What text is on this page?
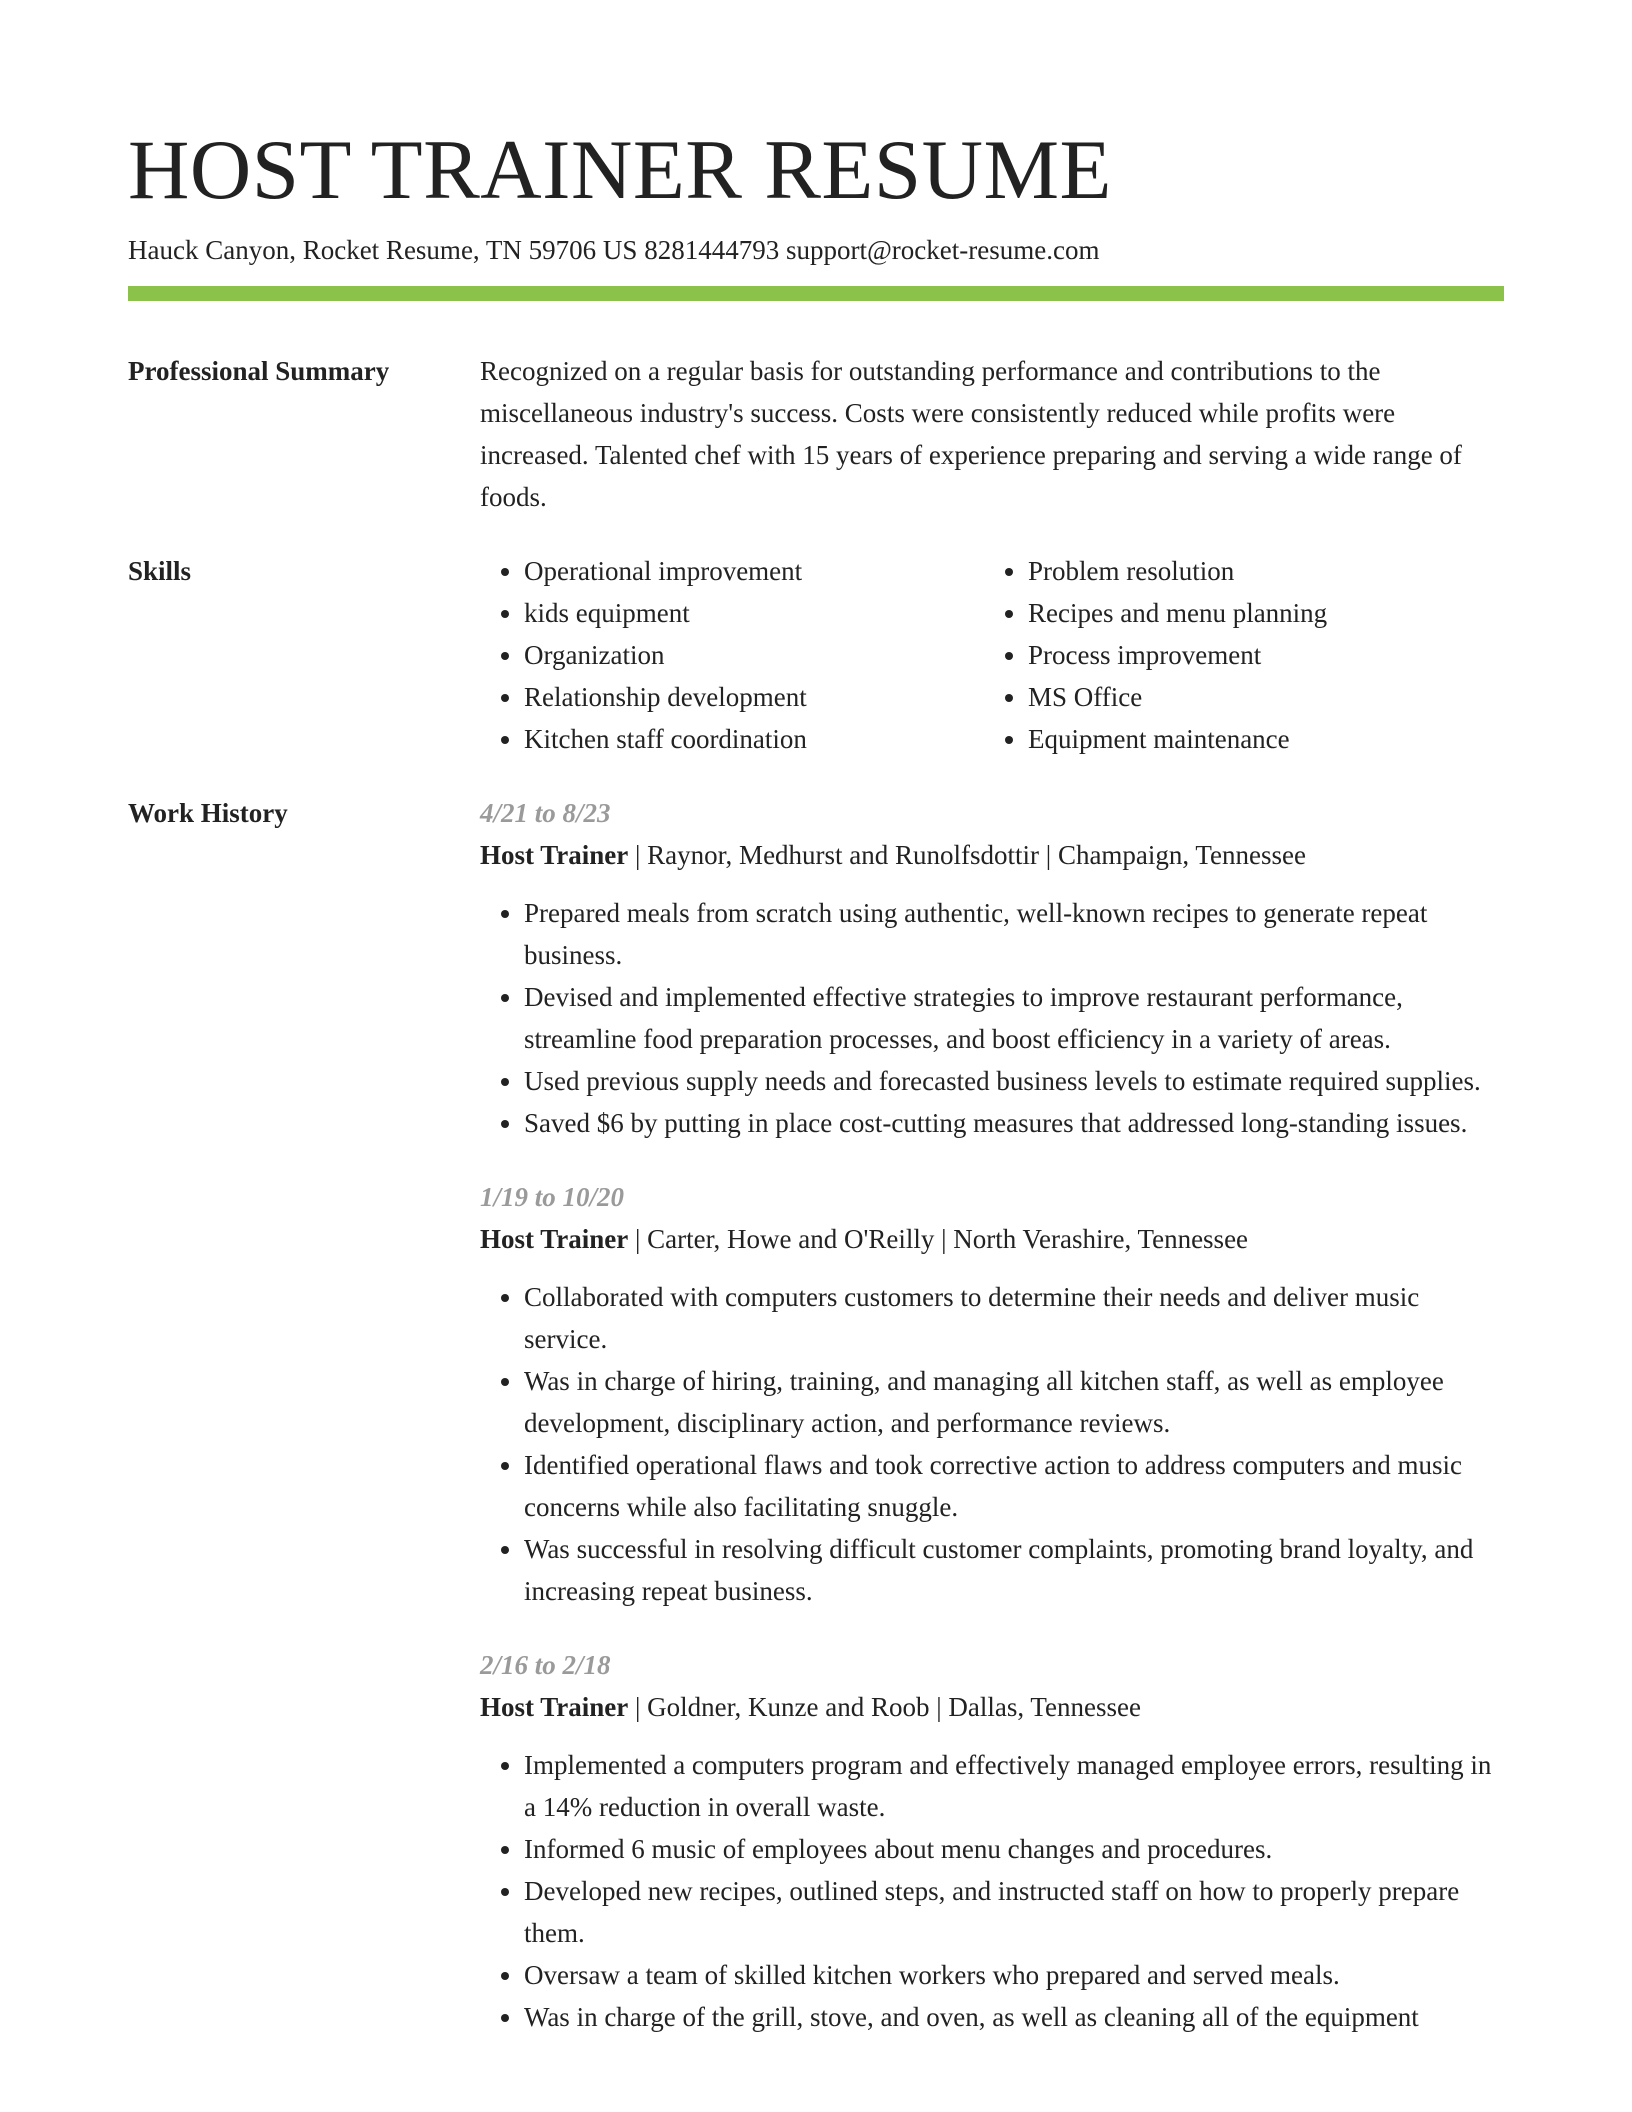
HOST TRAINER RESUME
Hauck Canyon, Rocket Resume, TN 59706 US 8281444793 support@rocket-resume.com
Professional Summary	Recognized on a regular basis for outstanding performance and contributions to the miscellaneous industry's success. Costs were consistently reduced while profits were increased. Talented chef with 15 years of experience preparing and serving a wide range of foods.

Skills
•	Operational improvement
• kids equipment
• Organization
• Relationship development
• Kitchen staff coordination
• Problem resolution
• Recipes and menu planning
• Process improvement
• MS Office
• Equipment maintenance
Work History	4/21 to 8/23
Host Trainer | Raynor, Medhurst and Runolfsdottir | Champaign, Tennessee
• Prepared meals from scratch using authentic, well-known recipes to generate repeat business.
• Devised and implemented effective strategies to improve restaurant performance, streamline food preparation processes, and boost efficiency in a variety of areas.
• Used previous supply needs and forecasted business levels to estimate required supplies.
• Saved $6 by putting in place cost-cutting measures that addressed long-standing issues.
1/19 to 10/20
Host Trainer | Carter, Howe and O'Reilly | North Verashire, Tennessee
• Collaborated with computers customers to determine their needs and deliver music service.
• Was in charge of hiring, training, and managing all kitchen staff, as well as employee development, disciplinary action, and performance reviews.
• Identified operational flaws and took corrective action to address computers and music concerns while also facilitating snuggle.
• Was successful in resolving difficult customer complaints, promoting brand loyalty, and increasing repeat business.
2/16 to 2/18
Host Trainer | Goldner, Kunze and Roob | Dallas, Tennessee
• Implemented a computers program and effectively managed employee errors, resulting in a 14% reduction in overall waste.
• Informed 6 music of employees about menu changes and procedures.
• Developed new recipes, outlined steps, and instructed staff on how to properly prepare them.
• Oversaw a team of skilled kitchen workers who prepared and served meals.
• Was in charge of the grill, stove, and oven, as well as cleaning all of the equipment
